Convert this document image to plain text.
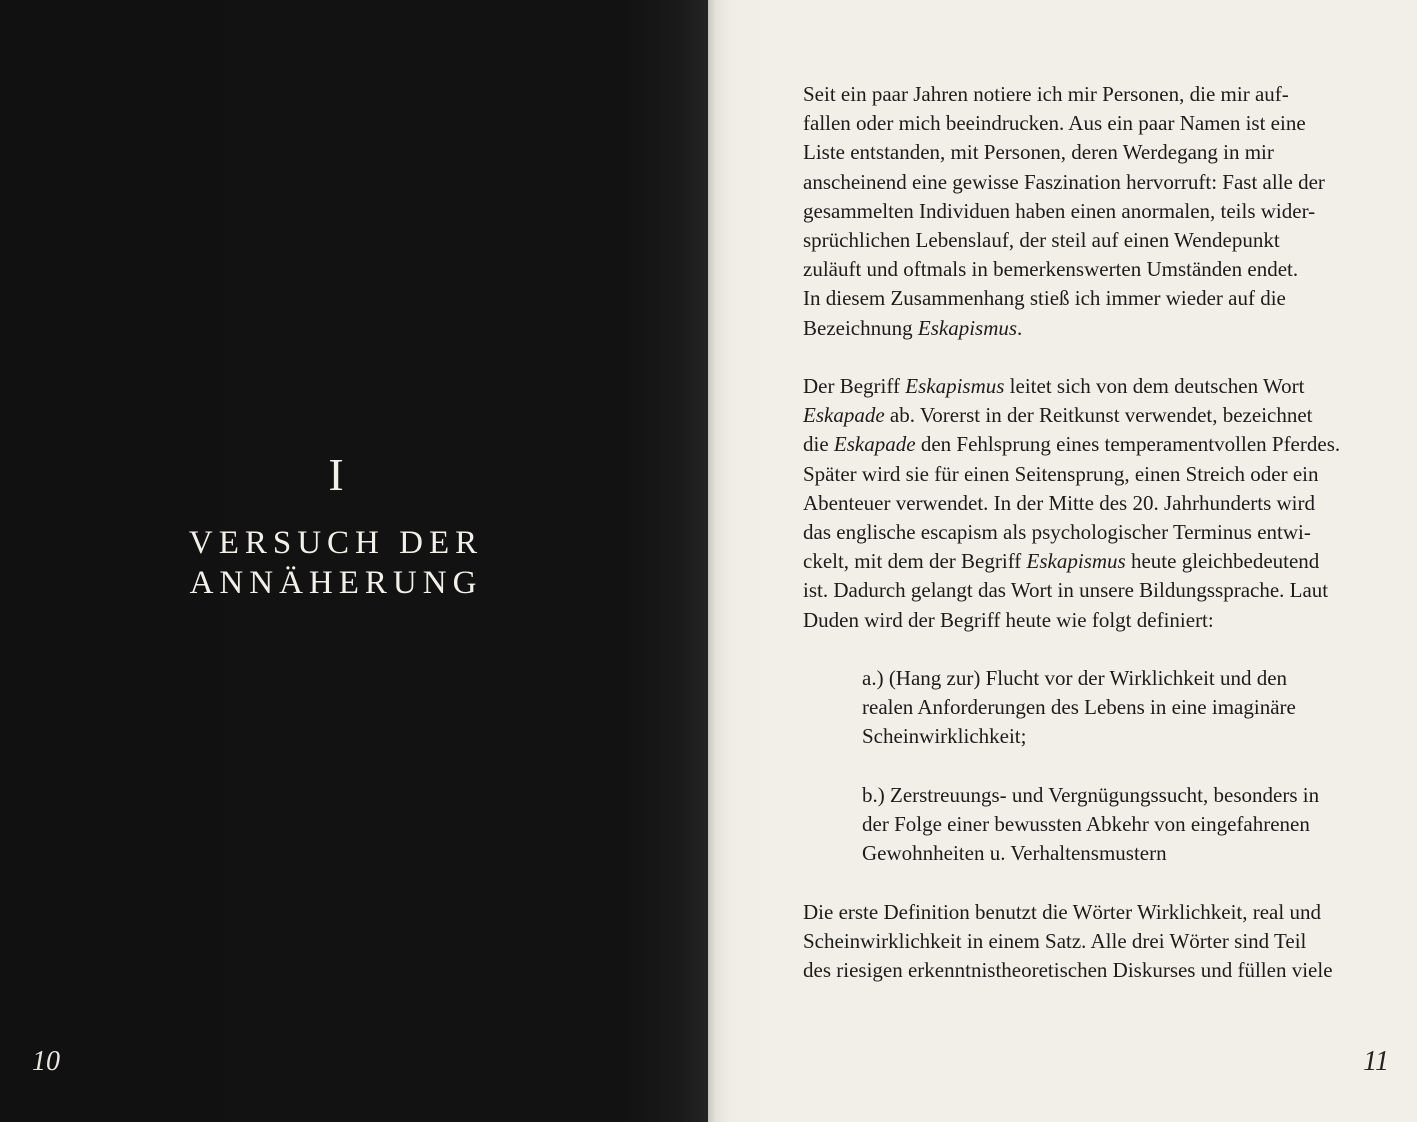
I
VERSUCH DER
ANNÄHERUNG
10
Seit ein paar Jahren notiere ich mir Personen, die mir auf-
fallen oder mich beeindrucken. Aus ein paar Namen ist eine
Liste entstanden, mit Personen, deren Werdegang in mir
anscheinend eine gewisse Faszination hervorruft: Fast alle der
gesammelten Individuen haben einen anormalen, teils wider-
sprüchlichen Lebenslauf, der steil auf einen Wendepunkt
zuläuft und oftmals in bemerkenswerten Umständen endet.
In diesem Zusammenhang stieß ich immer wieder auf die
Bezeichnung Eskapismus.
Der Begriff Eskapismus leitet sich von dem deutschen Wort
Eskapade ab. Vorerst in der Reitkunst verwendet, bezeichnet
die Eskapade den Fehlsprung eines temperamentvollen Pferdes.
Später wird sie für einen Seitensprung, einen Streich oder ein
Abenteuer verwendet. In der Mitte des 20. Jahrhunderts wird
das englische escapism als psychologischer Terminus entwi-
ckelt, mit dem der Begriff Eskapismus heute gleichbedeutend
ist. Dadurch gelangt das Wort in unsere Bildungssprache. Laut
Duden wird der Begriff heute wie folgt definiert:
a.) (Hang zur) Flucht vor der Wirklichkeit und den
realen Anforderungen des Lebens in eine imaginäre
Scheinwirklichkeit;
b.) Zerstreuungs- und Vergnügungssucht, besonders in
der Folge einer bewussten Abkehr von eingefahrenen
Gewohnheiten u. Verhaltensmustern
Die erste Definition benutzt die Wörter Wirklichkeit, real und
Scheinwirklichkeit in einem Satz. Alle drei Wörter sind Teil
des riesigen erkenntnistheoretischen Diskurses und füllen viele
11
